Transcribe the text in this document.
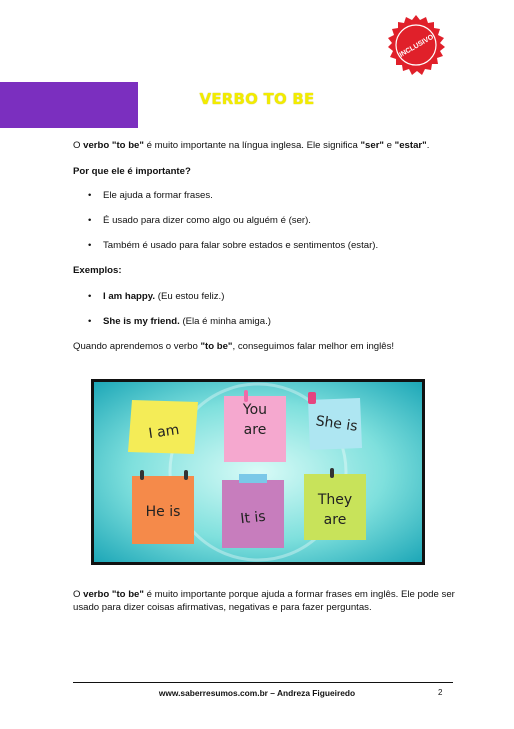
INCLUSIVO
VERBO TO BE
O verbo "to be" é muito importante na língua inglesa. Ele significa "ser" e "estar".
Por que ele é importante?
• Ele ajuda a formar frases.
• É usado para dizer como algo ou alguém é (ser).
• Também é usado para falar sobre estados e sentimentos (estar).
Exemplos:
• I am happy. (Eu estou feliz.)
• She is my friend. (Ela é minha amiga.)
Quando aprendemos o verbo "to be", conseguimos falar melhor em inglês!
I am
You are	She is
He is	It is
They are
O verbo "to be" é muito importante porque ajuda a formar frases em inglês. Ele pode ser usado para dizer coisas afirmativas, negativas e para fazer perguntas.
www.saberresumos.com.br – Andreza Figueiredo	2
